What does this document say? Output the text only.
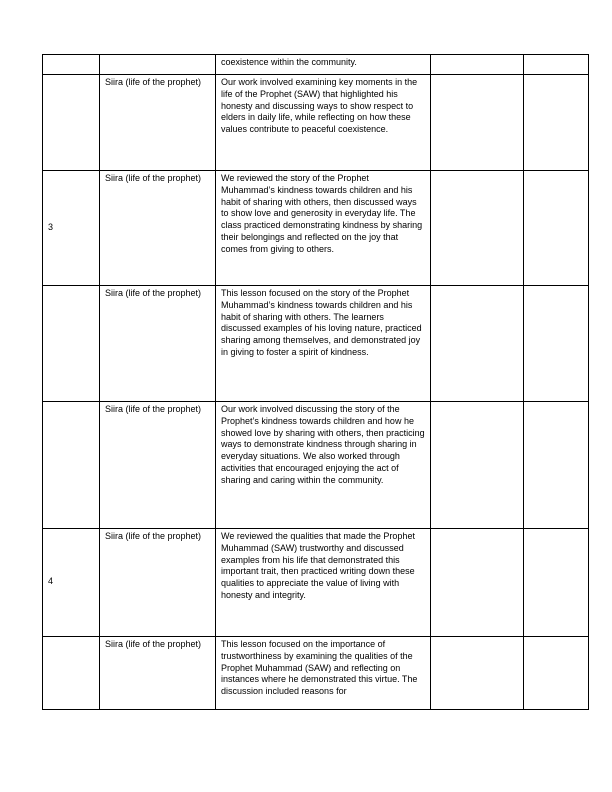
		coexistence within the community.		
	Siira (life of the prophet)	Our work involved examining key moments in the life of the Prophet (SAW) that highlighted his honesty and discussing ways to show respect to elders in daily life, while reflecting on how these values contribute to peaceful coexistence.		
3	Siira (life of the prophet)	We reviewed the story of the Prophet Muhammad’s kindness towards children and his habit of sharing with others, then discussed ways to show love and generosity in everyday life. The class practiced demonstrating kindness by sharing their belongings and reflected on the joy that comes from giving to others.		
	Siira (life of the prophet)	This lesson focused on the story of the Prophet Muhammad’s kindness towards children and his habit of sharing with others. The learners discussed examples of his loving nature, practiced sharing among themselves, and demonstrated joy in giving to foster a spirit of kindness.		
	Siira (life of the prophet)	Our work involved discussing the story of the Prophet’s kindness towards children and how he showed love by sharing with others, then practicing ways to demonstrate kindness through sharing in everyday situations. We also worked through activities that encouraged enjoying the act of sharing and caring within the community.		
4	Siira (life of the prophet)	We reviewed the qualities that made the Prophet Muhammad (SAW) trustworthy and discussed examples from his life that demonstrated this important trait, then practiced writing down these qualities to appreciate the value of living with honesty and integrity.		
	Siira (life of the prophet)	This lesson focused on the importance of trustworthiness by examining the qualities of the Prophet Muhammad (SAW) and reflecting on instances where he demonstrated this virtue. The discussion included reasons for		
